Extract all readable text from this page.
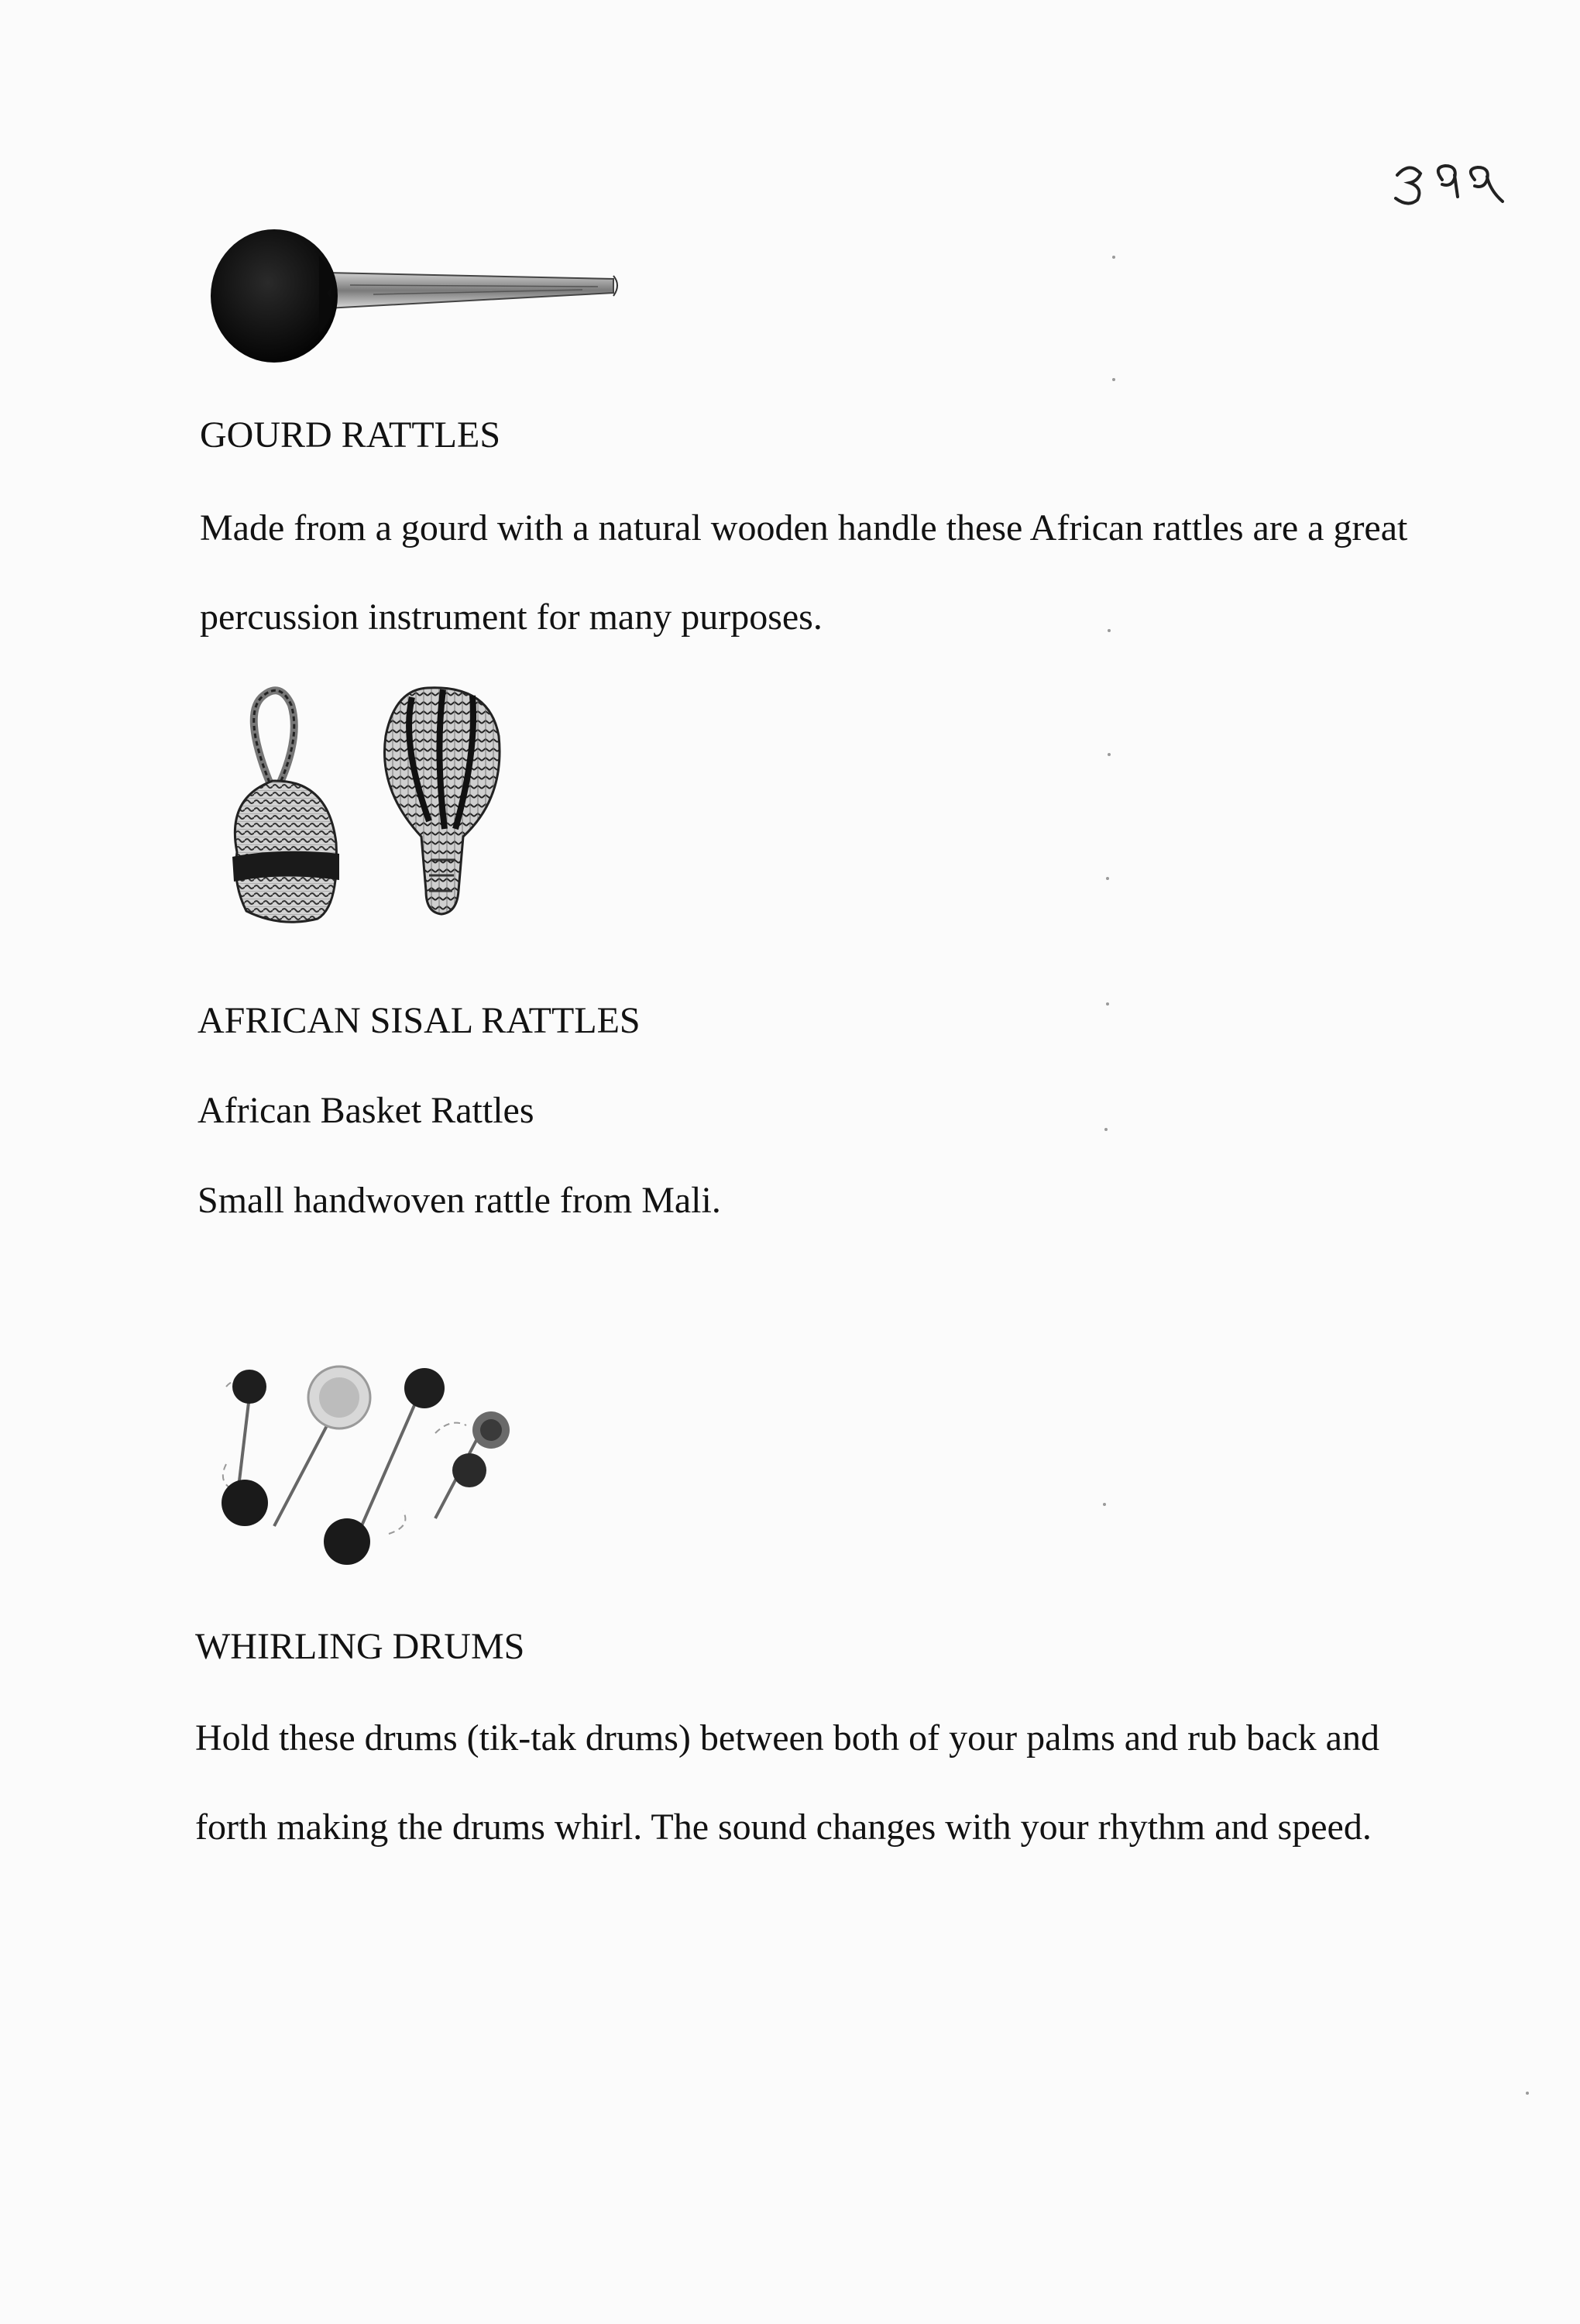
GOURD RATTLES

Made from a gourd with a natural wooden handle these African rattles are a great percussion instrument for many purposes.

AFRICAN SISAL RATTLES

African Basket Rattles

Small handwoven rattle from Mali.

WHIRLING DRUMS

Hold these drums (tik-tak drums) between both of your palms and rub back and forth making the drums whirl. The sound changes with your rhythm and speed.
